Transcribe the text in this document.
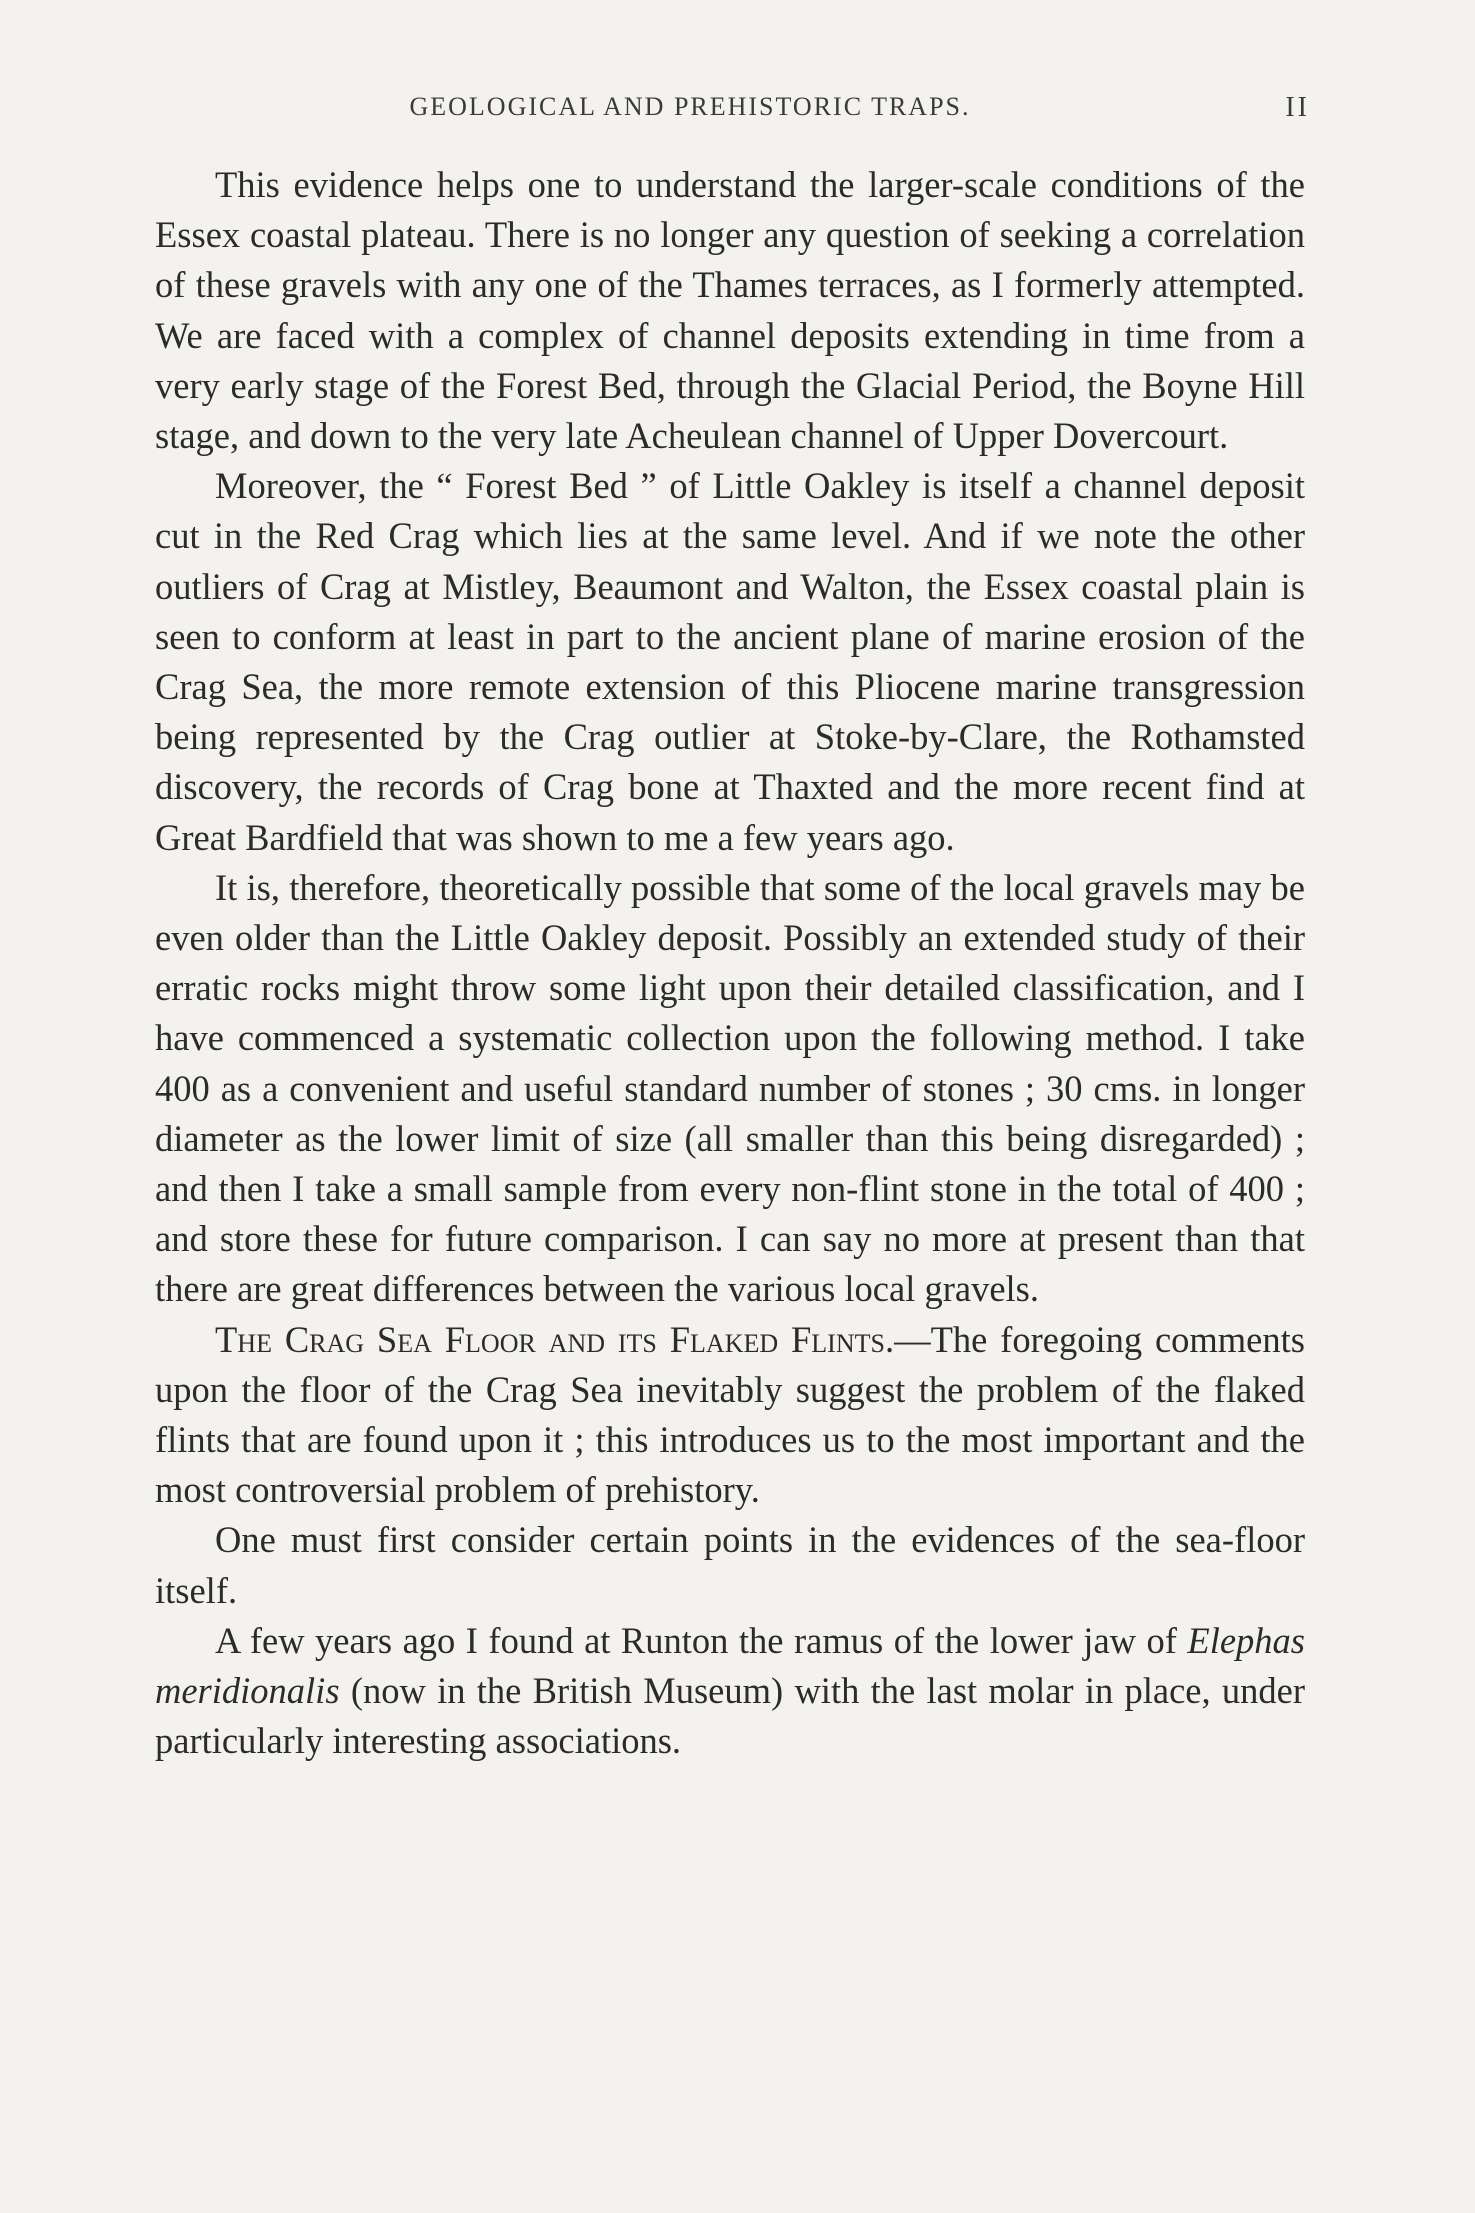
GEOLOGICAL AND PREHISTORIC TRAPS.	II

This evidence helps one to understand the larger-scale conditions of the Essex coastal plateau. There is no longer any question of seeking a correlation of these gravels with any one of the Thames terraces, as I formerly attempted. We are faced with a complex of channel deposits extending in time from a very early stage of the Forest Bed, through the Glacial Period, the Boyne Hill stage, and down to the very late Acheulean channel of Upper Dovercourt.

Moreover, the “ Forest Bed ” of Little Oakley is itself a channel deposit cut in the Red Crag which lies at the same level. And if we note the other outliers of Crag at Mistley, Beaumont and Walton, the Essex coastal plain is seen to conform at least in part to the ancient plane of marine erosion of the Crag Sea, the more remote extension of this Pliocene marine transgression being represented by the Crag outlier at Stoke-by-Clare, the Rothamsted discovery, the records of Crag bone at Thaxted and the more recent find at Great Bardfield that was shown to me a few years ago.

It is, therefore, theoretically possible that some of the local gravels may be even older than the Little Oakley deposit. Possibly an extended study of their erratic rocks might throw some light upon their detailed classification, and I have commenced a systematic collection upon the following method. I take 400 as a convenient and useful standard number of stones ; 30 cms. in longer diameter as the lower limit of size (all smaller than this being disregarded) ; and then I take a small sample from every non-flint stone in the total of 400 ; and store these for future comparison. I can say no more at present than that there are great differences between the various local gravels.

The Crag Sea Floor and its Flaked Flints.—The foregoing comments upon the floor of the Crag Sea inevitably suggest the problem of the flaked flints that are found upon it ; this introduces us to the most important and the most controversial problem of prehistory.

One must first consider certain points in the evidences of the sea-floor itself.

A few years ago I found at Runton the ramus of the lower jaw of Elephas meridionalis (now in the British Museum) with the last molar in place, under particularly interesting associations.
